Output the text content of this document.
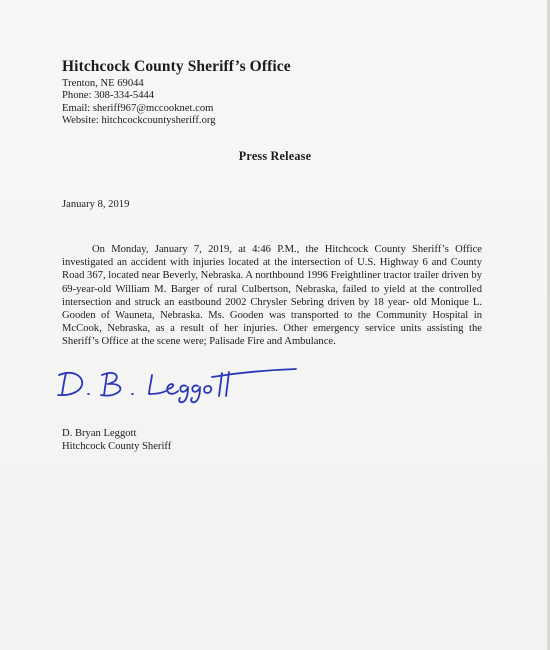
Hitchcock County Sheriff’s Office
Trenton, NE 69044
Phone: 308-334-5444
Email: sheriff967@mccooknet.com
Website: hitchcockcountysheriff.org
Press Release
January 8, 2019

On Monday, January 7, 2019, at 4:46 P.M., the Hitchcock County Sheriff’s Office investigated an accident with injuries located at the intersection of U.S. Highway 6 and County Road 367, located near Beverly, Nebraska. A northbound 1996 Freightliner tractor trailer driven by 69-year-old William M. Barger of rural Culbertson, Nebraska, failed to yield at the controlled intersection and struck an eastbound 2002 Chrysler Sebring driven by 18 year- old Monique L. Gooden of Wauneta, Nebraska. Ms. Gooden was transported to the Community Hospital in McCook, Nebraska, as a result of her injuries. Other emergency service units assisting the Sheriff’s Office at the scene were; Palisade Fire and Ambulance.

D. Bryan Leggott
Hitchcock County Sheriff
